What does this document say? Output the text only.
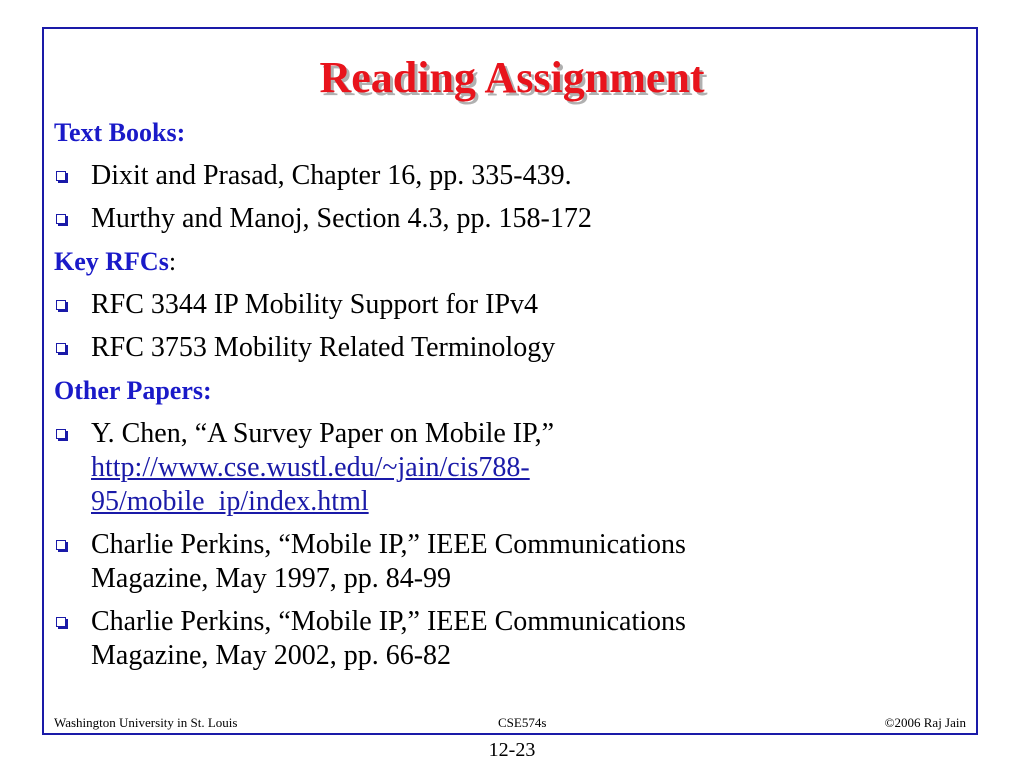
Reading Assignment

Text Books:

Dixit and Prasad, Chapter 16, pp. 335-439.
Murthy and Manoj, Section 4.3, pp. 158-172

Key RFCs:

RFC 3344 IP Mobility Support for IPv4
RFC 3753 Mobility Related Terminology

Other Papers:

Y. Chen, “A Survey Paper on Mobile IP,”
http://www.cse.wustl.edu/~jain/cis788-
95/mobile_ip/index.html
Charlie Perkins, “Mobile IP,” IEEE Communications
Magazine, May 1997, pp. 84-99
Charlie Perkins, “Mobile IP,” IEEE Communications
Magazine, May 2002, pp. 66-82
Washington University in St. Louis	CSE574s	©2006 Raj Jain
12-23
